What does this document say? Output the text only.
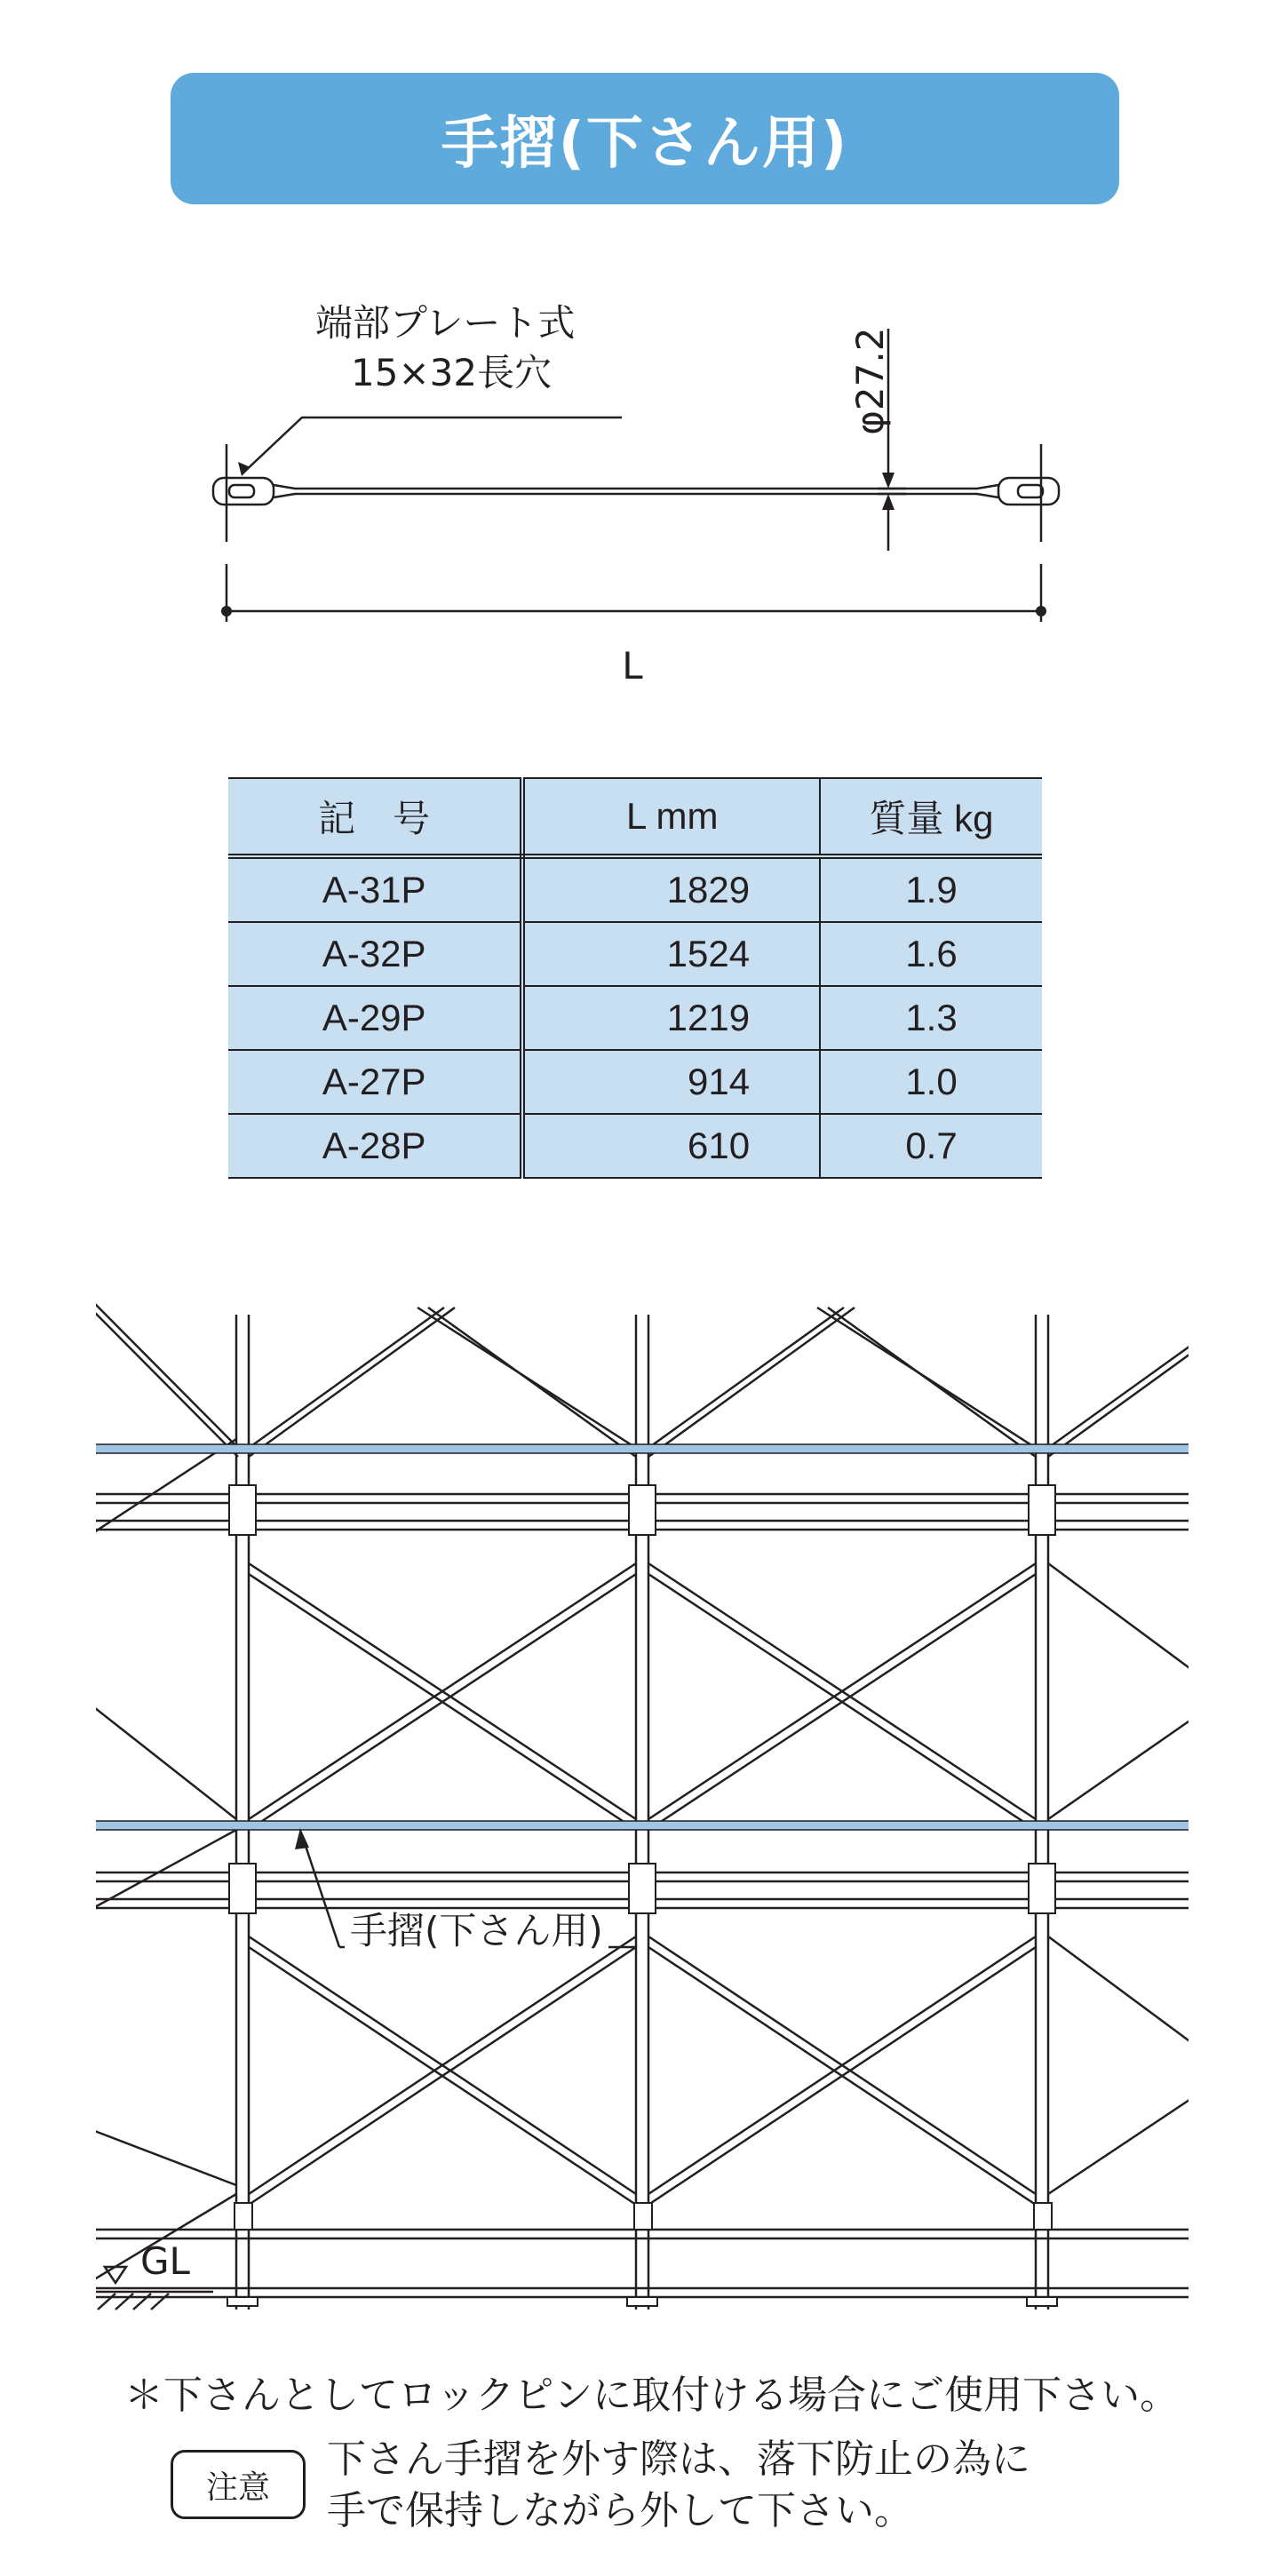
手摺(下さん用)
端部プレート式
15×32長穴	φ27.2
L
記　号	L mm	質量 kg
A-31P	1829	1.9
A-32P	1524	1.6
A-29P	1219	1.3
A-27P	914	1.0
A-28P	610	0.7
手摺(下さん用)
GL
＊下さんとしてロックピンに取付ける場合にご使用下さい。
注意
下さん手摺を外す際は、落下防止の為に
手で保持しながら外して下さい。
